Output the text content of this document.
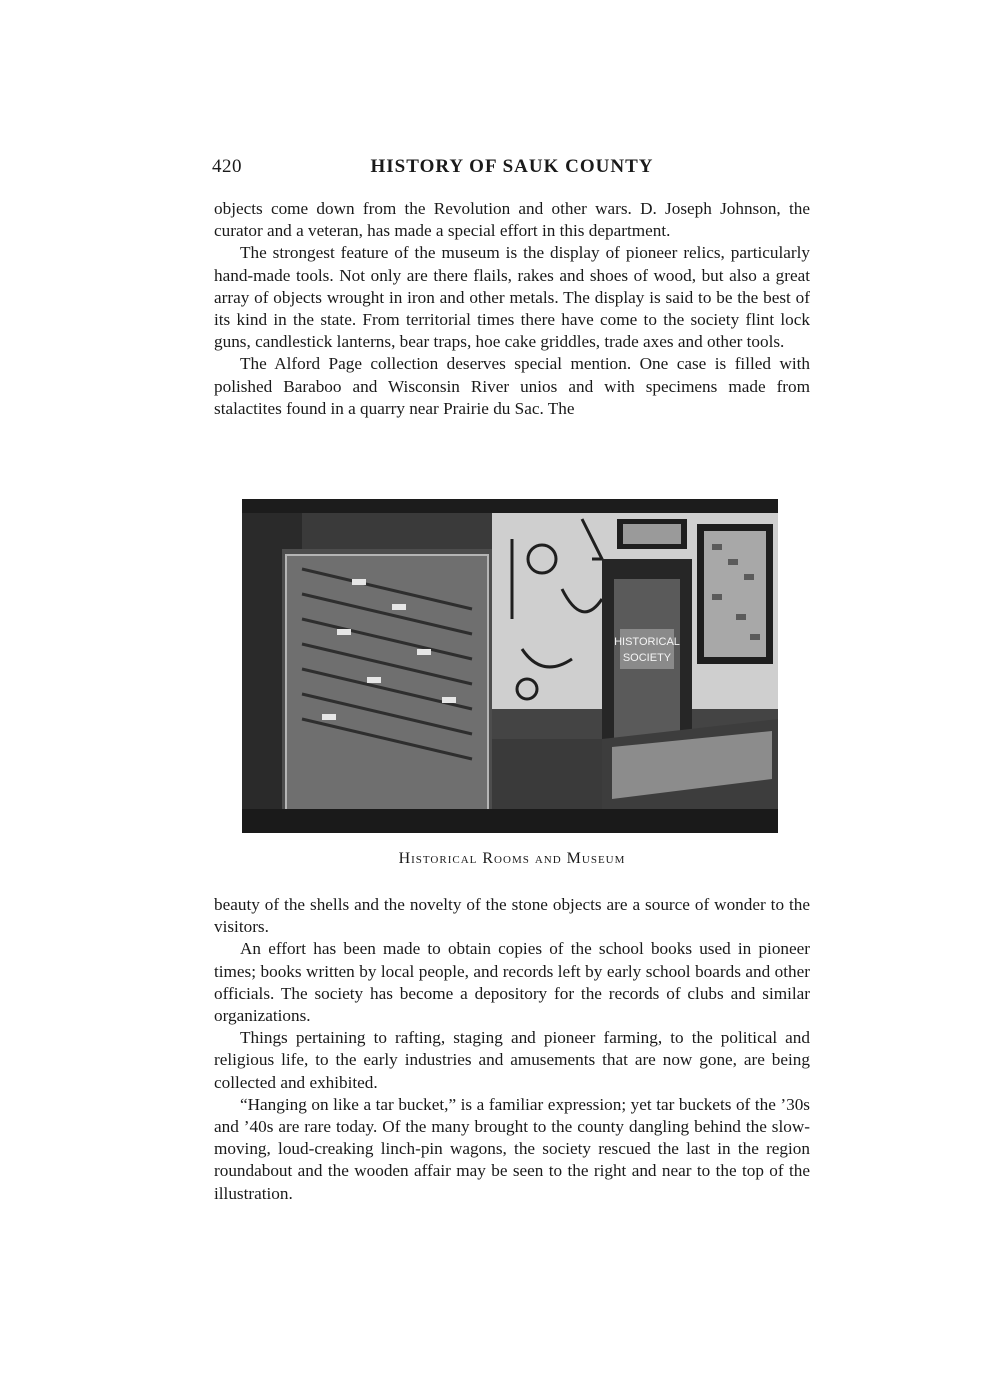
420	HISTORY OF SAUK COUNTY

objects come down from the Revolution and other wars. D. Joseph Johnson, the curator and a veteran, has made a special effort in this department.

The strongest feature of the museum is the display of pioneer relics, particularly hand-made tools. Not only are there flails, rakes and shoes of wood, but also a great array of objects wrought in iron and other metals. The display is said to be the best of its kind in the state. From territorial times there have come to the society flint lock guns, candlestick lanterns, bear traps, hoe cake griddles, trade axes and other tools.

The Alford Page collection deserves special mention. One case is filled with polished Baraboo and Wisconsin River unios and with specimens made from stalactites found in a quarry near Prairie du Sac. The

HISTORICAL
SOCIETY
Historical Rooms and Museum

beauty of the shells and the novelty of the stone objects are a source of wonder to the visitors.

An effort has been made to obtain copies of the school books used in pioneer times; books written by local people, and records left by early school boards and other officials. The society has become a depository for the records of clubs and similar organizations.

Things pertaining to rafting, staging and pioneer farming, to the political and religious life, to the early industries and amusements that are now gone, are being collected and exhibited.

“Hanging on like a tar bucket,” is a familiar expression; yet tar buckets of the ’30s and ’40s are rare today. Of the many brought to the county dangling behind the slow-moving, loud-creaking linch-pin wagons, the society rescued the last in the region roundabout and the wooden affair may be seen to the right and near to the top of the illustration.
